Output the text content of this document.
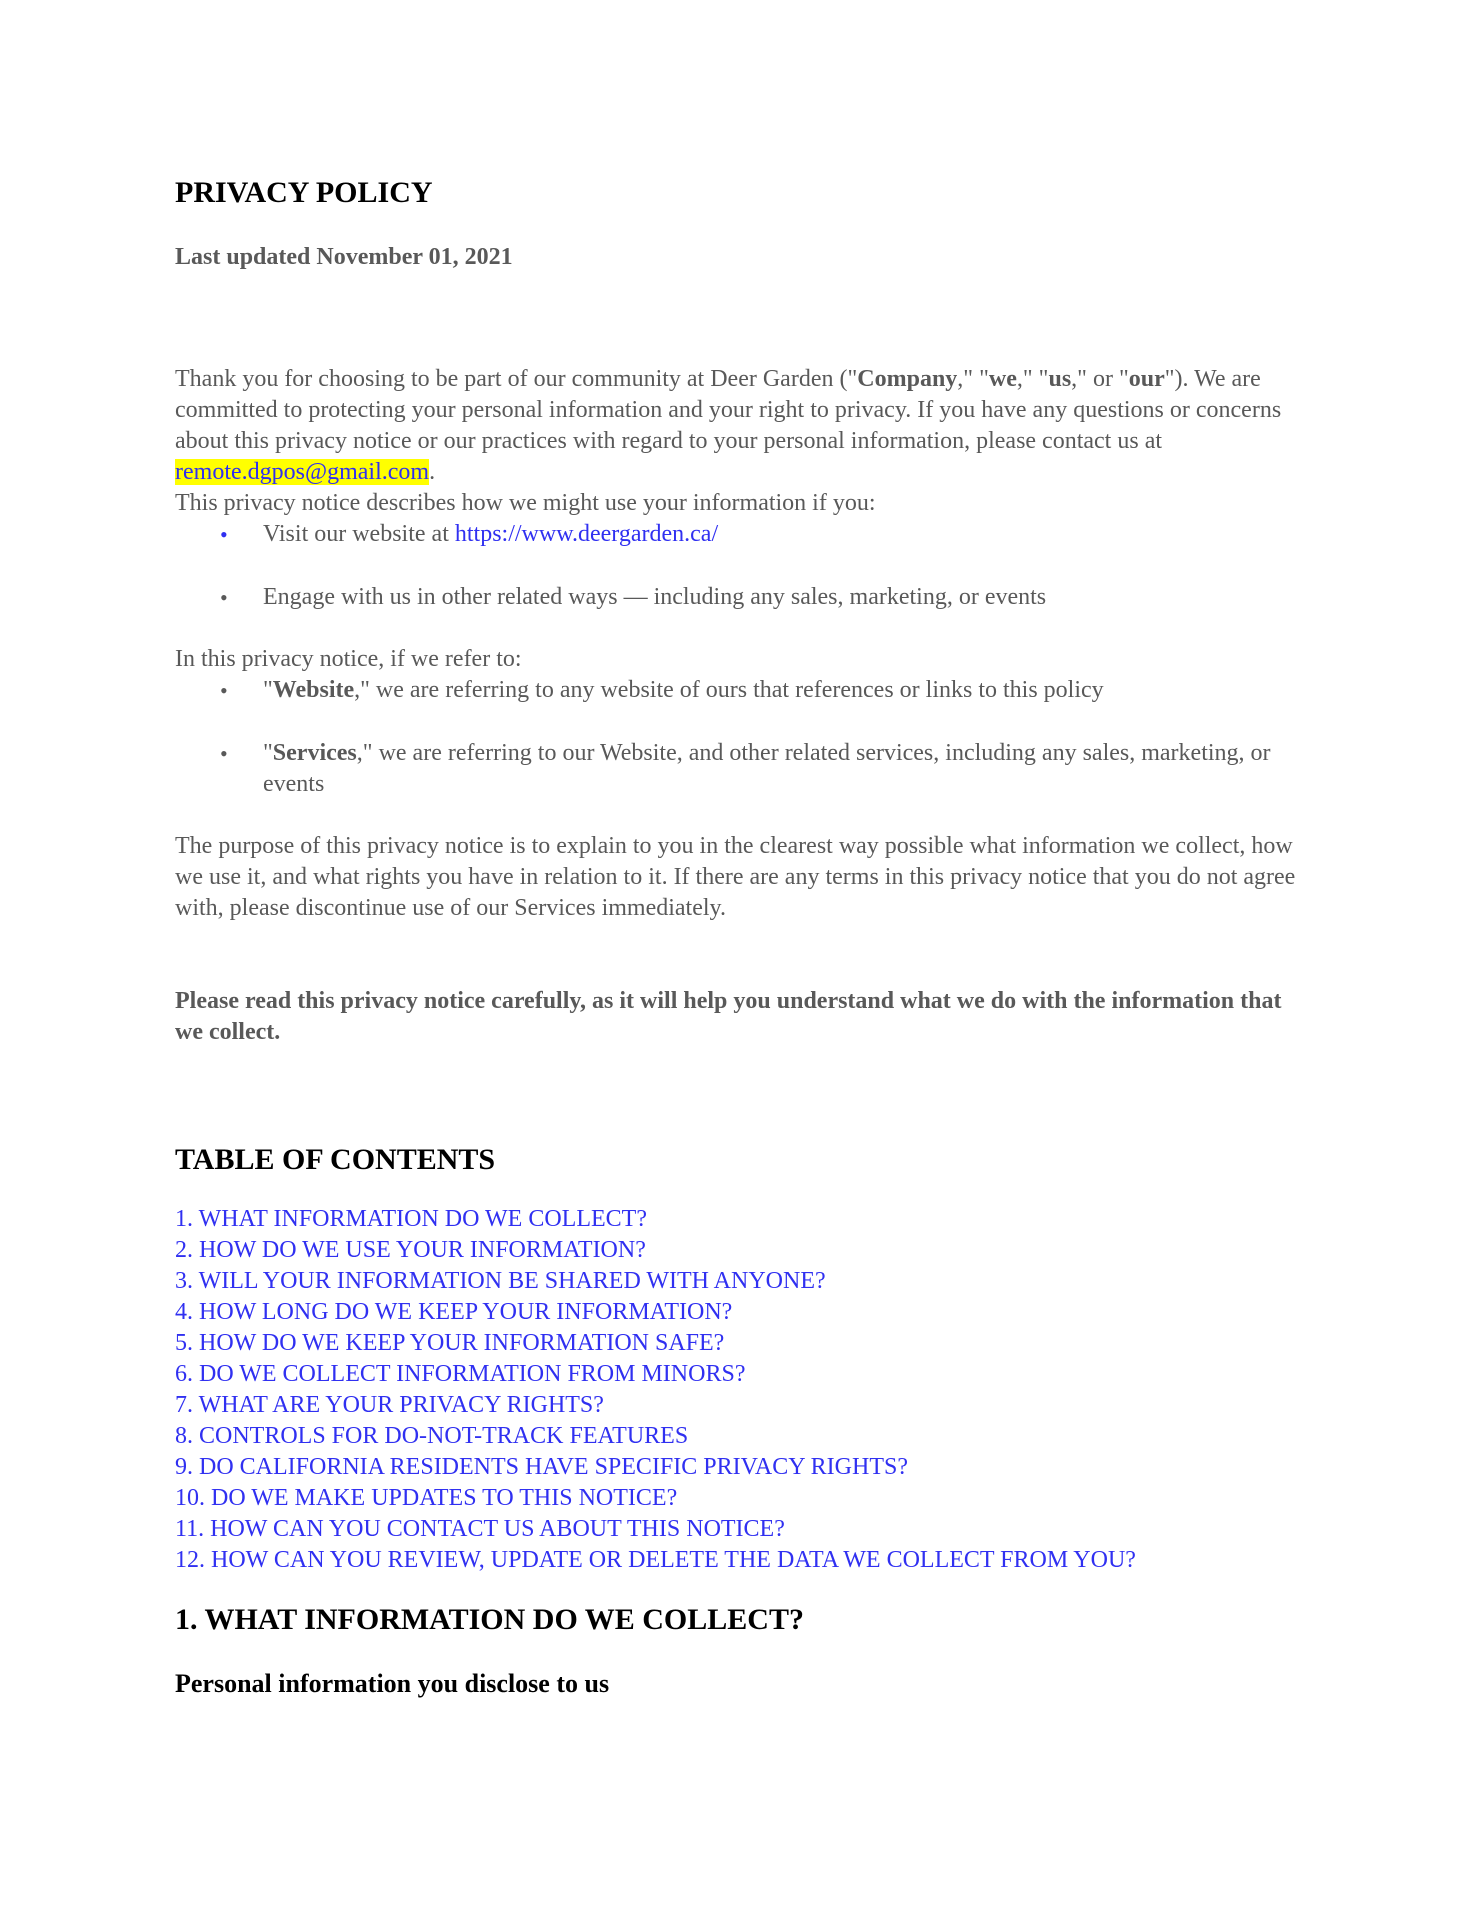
PRIVACY POLICY
Last updated November 01, 2021

Thank you for choosing to be part of our community at Deer Garden ("Company," "we," "us," or "our"). We are committed to protecting your personal information and your right to privacy. If you have any questions or concerns about this privacy notice or our practices with regard to your personal information, please contact us at remote.dgpos@gmail.com.

This privacy notice describes how we might use your information if you:

• Visit our website at https://www.deergarden.ca/
• Engage with us in other related ways — including any sales, marketing, or events

In this privacy notice, if we refer to:

• "Website," we are referring to any website of ours that references or links to this policy
• "Services," we are referring to our Website, and other related services, including any sales, marketing, or events

The purpose of this privacy notice is to explain to you in the clearest way possible what information we collect, how we use it, and what rights you have in relation to it. If there are any terms in this privacy notice that you do not agree with, please discontinue use of our Services immediately.

Please read this privacy notice carefully, as it will help you understand what we do with the information that we collect.

TABLE OF CONTENTS
1. WHAT INFORMATION DO WE COLLECT?
2. HOW DO WE USE YOUR INFORMATION?
3. WILL YOUR INFORMATION BE SHARED WITH ANYONE?
4. HOW LONG DO WE KEEP YOUR INFORMATION?
5. HOW DO WE KEEP YOUR INFORMATION SAFE?
6. DO WE COLLECT INFORMATION FROM MINORS?
7. WHAT ARE YOUR PRIVACY RIGHTS?
8. CONTROLS FOR DO-NOT-TRACK FEATURES
9. DO CALIFORNIA RESIDENTS HAVE SPECIFIC PRIVACY RIGHTS?
10. DO WE MAKE UPDATES TO THIS NOTICE?
11. HOW CAN YOU CONTACT US ABOUT THIS NOTICE?
12. HOW CAN YOU REVIEW, UPDATE OR DELETE THE DATA WE COLLECT FROM YOU?
1. WHAT INFORMATION DO WE COLLECT?
Personal information you disclose to us
